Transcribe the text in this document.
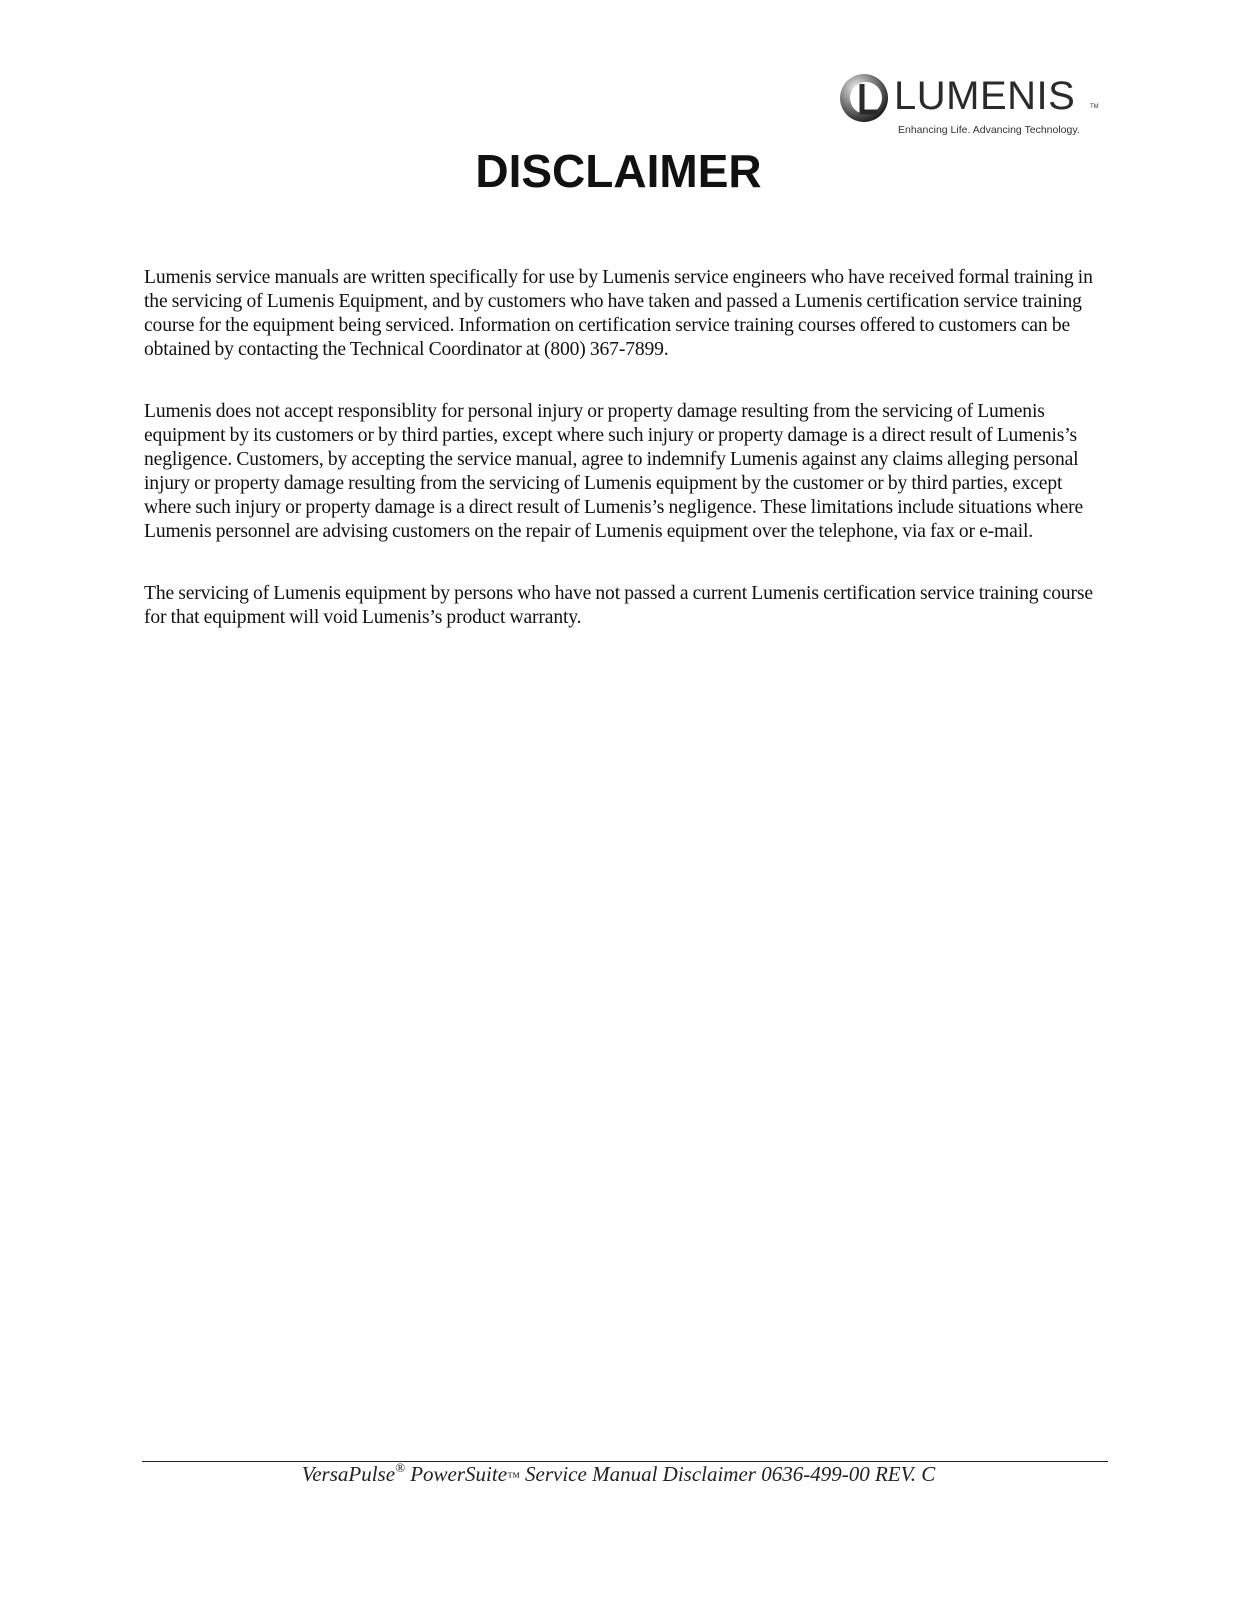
LUMENIS TM
Enhancing Life. Advancing Technology.
DISCLAIMER

Lumenis service manuals are written specifically for use by Lumenis service engineers who have received formal training in the servicing of Lumenis Equipment, and by customers who have taken and passed a Lumenis certification service training course for the equipment being serviced. Information on certification service training courses offered to customers can be obtained by contacting the Technical Coordinator at (800) 367-7899.

Lumenis does not accept responsiblity for personal injury or property damage resulting from the servicing of Lumenis equipment by its customers or by third parties, except where such injury or property damage is a direct result of Lumenis’s negligence. Customers, by accepting the service manual, agree to indemnify Lumenis against any claims alleging personal injury or property damage resulting from the servicing of Lumenis equipment by the customer or by third parties, except where such injury or property damage is a direct result of Lumenis’s negligence. These limitations include situations where Lumenis personnel are advising customers on the repair of Lumenis equipment over the telephone, via fax or e-mail.

The servicing of Lumenis equipment by persons who have not passed a current Lumenis certification service training course for that equipment will void Lumenis’s product warranty.

VersaPulse® PowerSuite™ Service Manual Disclaimer 0636-499-00 REV. C
